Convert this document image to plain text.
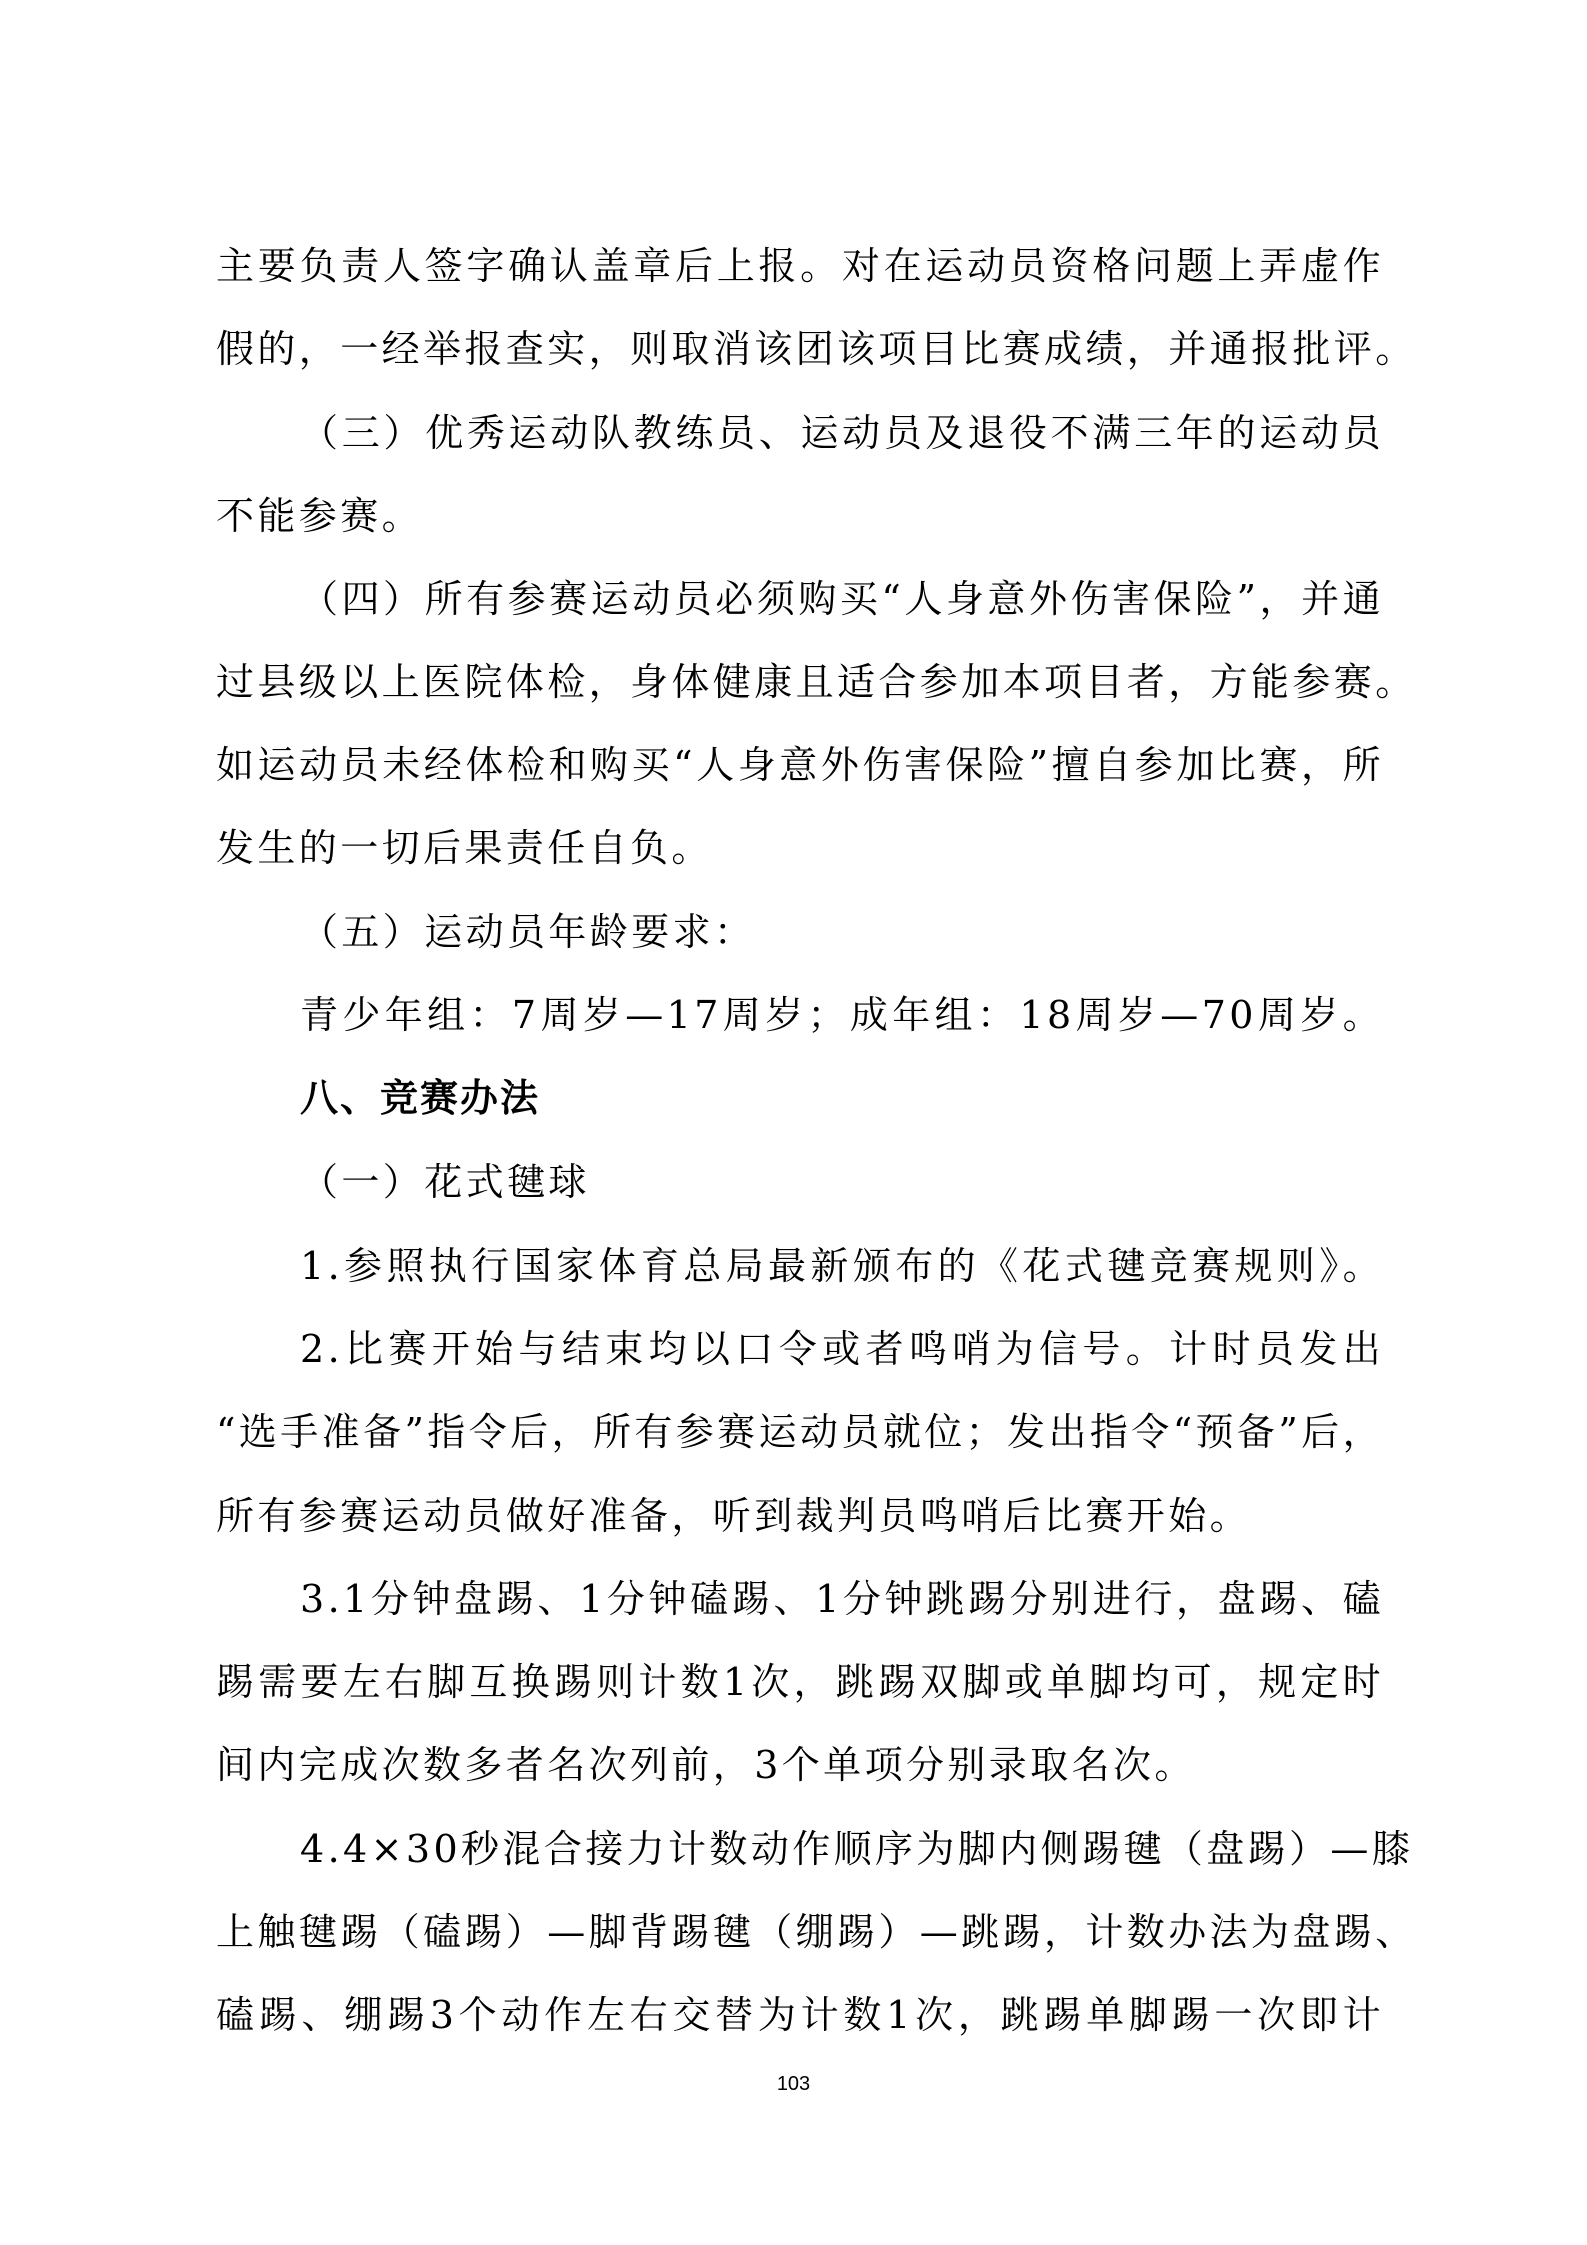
主要负责人签字确认盖章后上报。对在运动员资格问题上弄虚作
假的，一经举报查实，则取消该团该项目比赛成绩，并通报批评。
（三）优秀运动队教练员、运动员及退役不满三年的运动员
不能参赛。
（四）所有参赛运动员必须购买“人身意外伤害保险”，并通
过县级以上医院体检，身体健康且适合参加本项目者，方能参赛。
如运动员未经体检和购买“人身意外伤害保险”擅自参加比赛，所
发生的一切后果责任自负。
（五）运动员年龄要求：
青少年组：7周岁—17周岁；成年组：18周岁—70周岁。
八、竞赛办法
（一）花式毽球
1.参照执行国家体育总局最新颁布的《花式毽竞赛规则》。
2.比赛开始与结束均以口令或者鸣哨为信号。计时员发出
“选手准备”指令后，所有参赛运动员就位；发出指令“预备”后，
所有参赛运动员做好准备，听到裁判员鸣哨后比赛开始。
3.1分钟盘踢、1分钟磕踢、1分钟跳踢分别进行，盘踢、磕
踢需要左右脚互换踢则计数1次，跳踢双脚或单脚均可，规定时
间内完成次数多者名次列前，3个单项分别录取名次。
4.4×30秒混合接力计数动作顺序为脚内侧踢毽（盘踢）—膝
上触毽踢（磕踢）—脚背踢毽（绷踢）—跳踢，计数办法为盘踢、
磕踢、绷踢3个动作左右交替为计数1次，跳踢单脚踢一次即计
103
